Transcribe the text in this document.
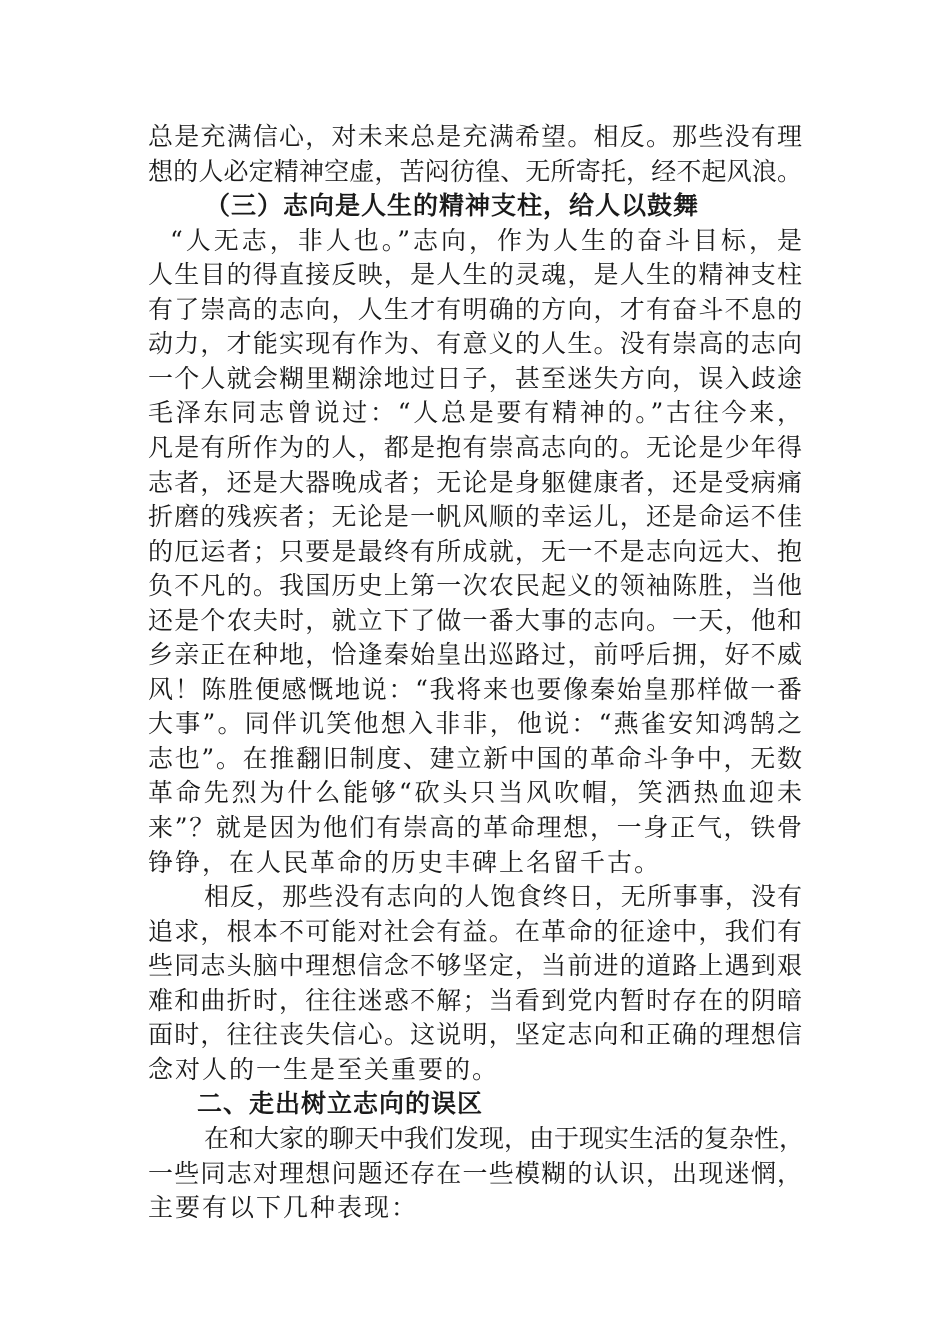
总是充满信心，对未来总是充满希望。相反。那些没有理
想的人必定精神空虚，苦闷彷徨、无所寄托，经不起风浪。
（三）志向是人生的精神支柱，给人以鼓舞
“人无志，非人也。”志向，作为人生的奋斗目标，是
人生目的得直接反映，是人生的灵魂，是人生的精神支柱
有了崇高的志向，人生才有明确的方向，才有奋斗不息的
动力，才能实现有作为、有意义的人生。没有崇高的志向
一个人就会糊里糊涂地过日子，甚至迷失方向，误入歧途
毛泽东同志曾说过：“人总是要有精神的。”古往今来，
凡是有所作为的人，都是抱有崇高志向的。无论是少年得
志者，还是大器晚成者；无论是身躯健康者，还是受病痛
折磨的残疾者；无论是一帆风顺的幸运儿，还是命运不佳
的厄运者；只要是最终有所成就，无一不是志向远大、抱
负不凡的。我国历史上第一次农民起义的领袖陈胜，当他
还是个农夫时，就立下了做一番大事的志向。一天，他和
乡亲正在种地，恰逢秦始皇出巡路过，前呼后拥，好不威
风！陈胜便感慨地说：“我将来也要像秦始皇那样做一番
大事”。同伴讥笑他想入非非，他说：“燕雀安知鸿鹄之
志也”。在推翻旧制度、建立新中国的革命斗争中，无数
革命先烈为什么能够“砍头只当风吹帽，笑洒热血迎未
来”？就是因为他们有崇高的革命理想，一身正气，铁骨
铮铮，在人民革命的历史丰碑上名留千古。
相反，那些没有志向的人饱食终日，无所事事，没有
追求，根本不可能对社会有益。在革命的征途中，我们有
些同志头脑中理想信念不够坚定，当前进的道路上遇到艰
难和曲折时，往往迷惑不解；当看到党内暂时存在的阴暗
面时，往往丧失信心。这说明，坚定志向和正确的理想信
念对人的一生是至关重要的。
二、走出树立志向的误区
在和大家的聊天中我们发现，由于现实生活的复杂性，
一些同志对理想问题还存在一些模糊的认识，出现迷惘，
主要有以下几种表现：
